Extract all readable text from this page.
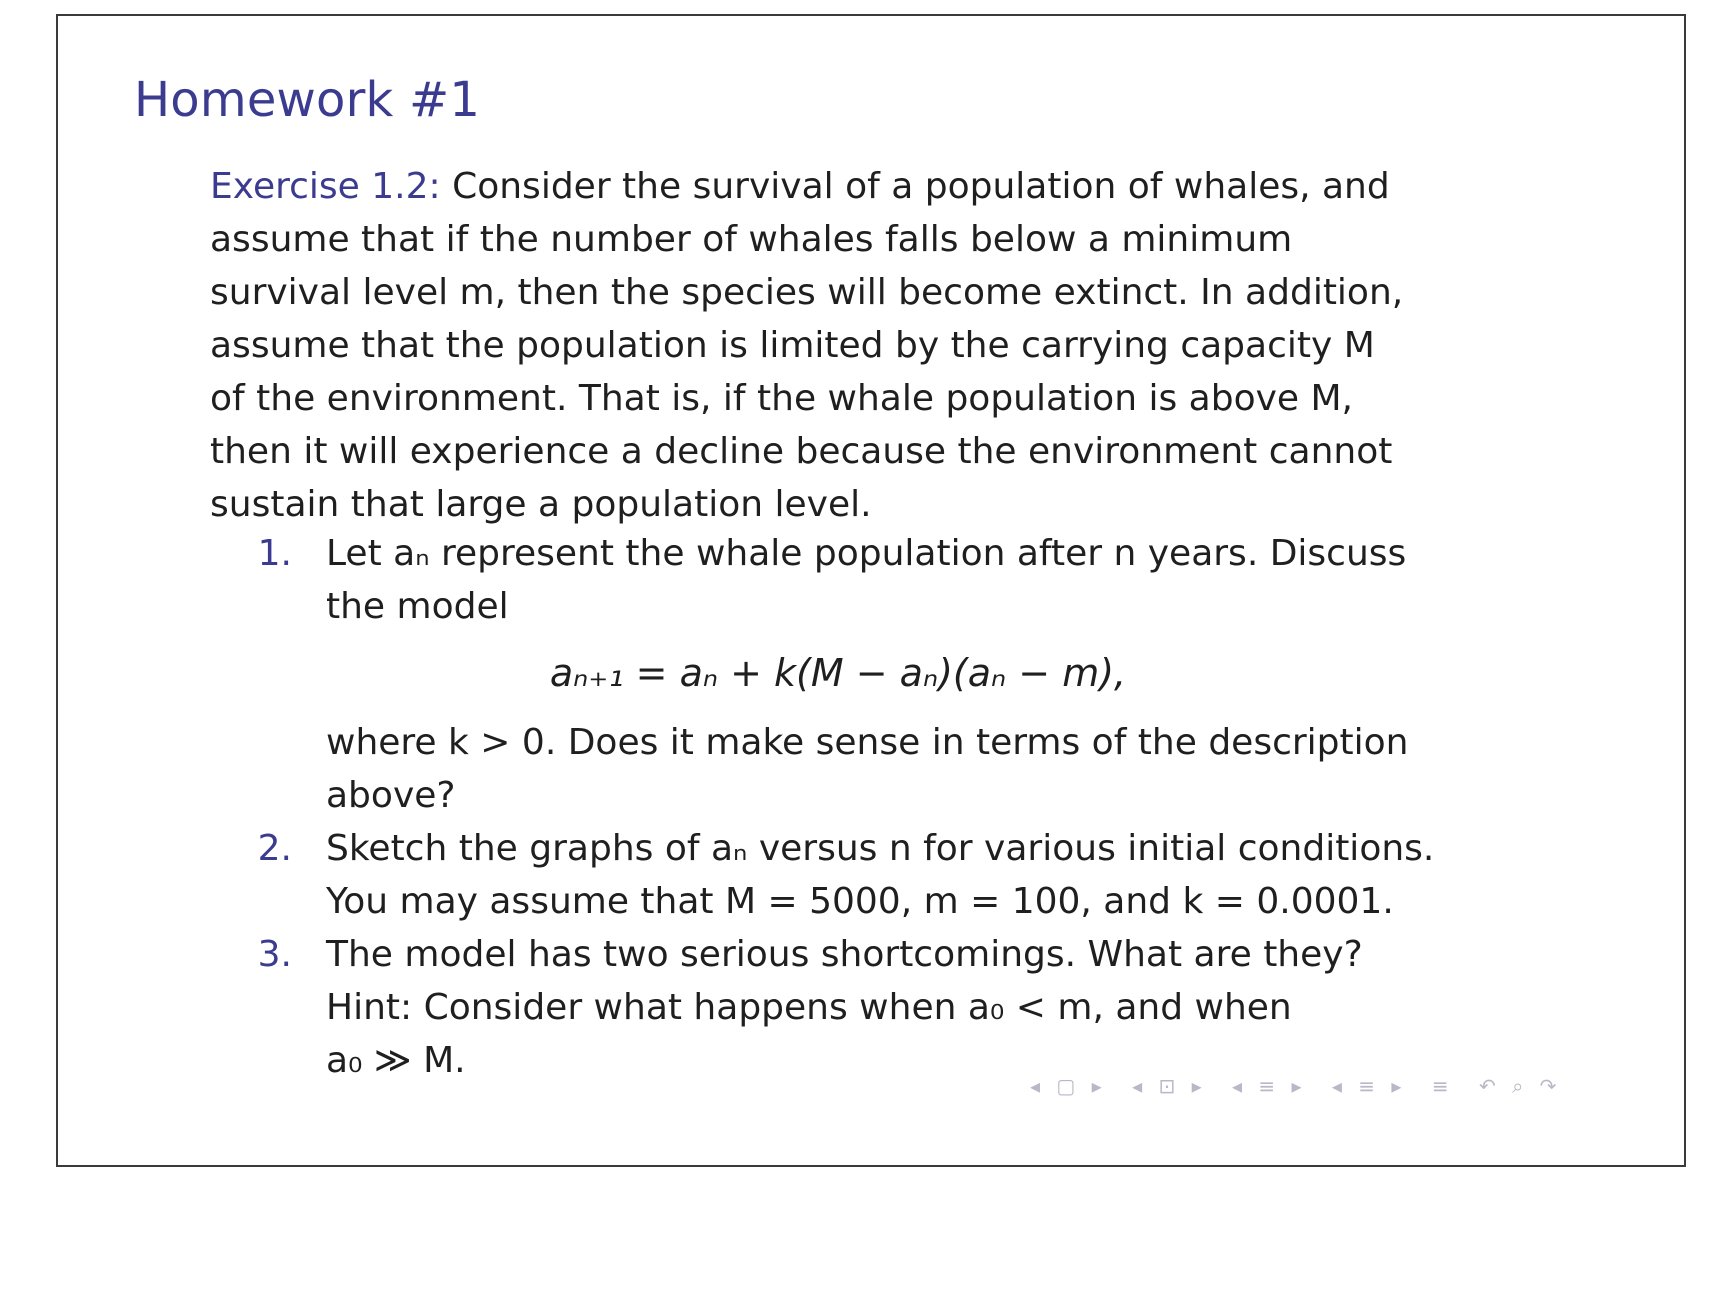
Homework #1
Exercise 1.2: Consider the survival of a population of whales, and
assume that if the number of whales falls below a minimum
survival level m, then the species will become extinct. In addition,
assume that the population is limited by the carrying capacity M
of the environment. That is, if the whale population is above M,
then it will experience a decline because the environment cannot
sustain that large a population level.
1. Let aₙ represent the whale population after n years. Discuss
the model
aₙ₊₁ = aₙ + k(M − aₙ)(aₙ − m),
where k > 0. Does it make sense in terms of the description
above?
2. Sketch the graphs of aₙ versus n for various initial conditions.
You may assume that M = 5000, m = 100, and k = 0.0001.
3. The model has two serious shortcomings. What are they?
Hint: Consider what happens when a₀ < m, and when
a₀ ≫ M.
◂ ▢ ▸ ◂ ⊡ ▸ ◂ ≡ ▸ ◂ ≡ ▸ ≡ ↶ ⌕ ↷
